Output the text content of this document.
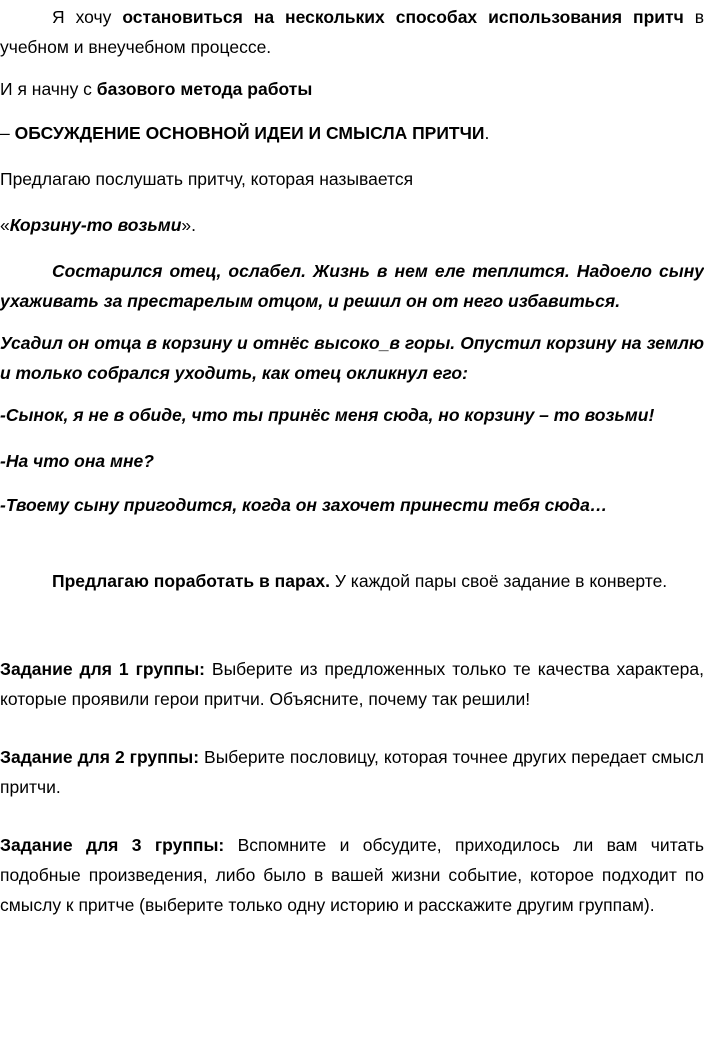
Я хочу остановиться на нескольких способах использования притч в учебном и внеучебном процессе.

И я начну с базового метода работы

– ОБСУЖДЕНИЕ ОСНОВНОЙ ИДЕИ И СМЫСЛА ПРИТЧИ.

Предлагаю послушать притчу, которая называется

«Корзину-то возьми».

Состарился отец, ослабел. Жизнь в нем еле теплится. Надоело сыну ухаживать за престарелым отцом, и решил он от него избавиться.

Усадил он отца в корзину и отнёс высоко_в горы. Опустил корзину на землю и только собрался уходить, как отец окликнул его:

-Сынок, я не в обиде, что ты принёс меня сюда, но корзину – то возьми!

-На что она мне?

-Твоему сыну пригодится, когда он захочет принести тебя сюда…

Предлагаю поработать в парах. У каждой пары своё задание в конверте.

Задание для 1 группы: Выберите из предложенных только те качества характера, которые проявили герои притчи. Объясните, почему так решили!

Задание для 2 группы: Выберите пословицу, которая точнее других передает смысл притчи.

Задание для 3 группы: Вспомните и обсудите, приходилось ли вам читать подобные произведения, либо было в вашей жизни событие, которое подходит по смыслу к притче (выберите только одну историю и расскажите другим группам).
